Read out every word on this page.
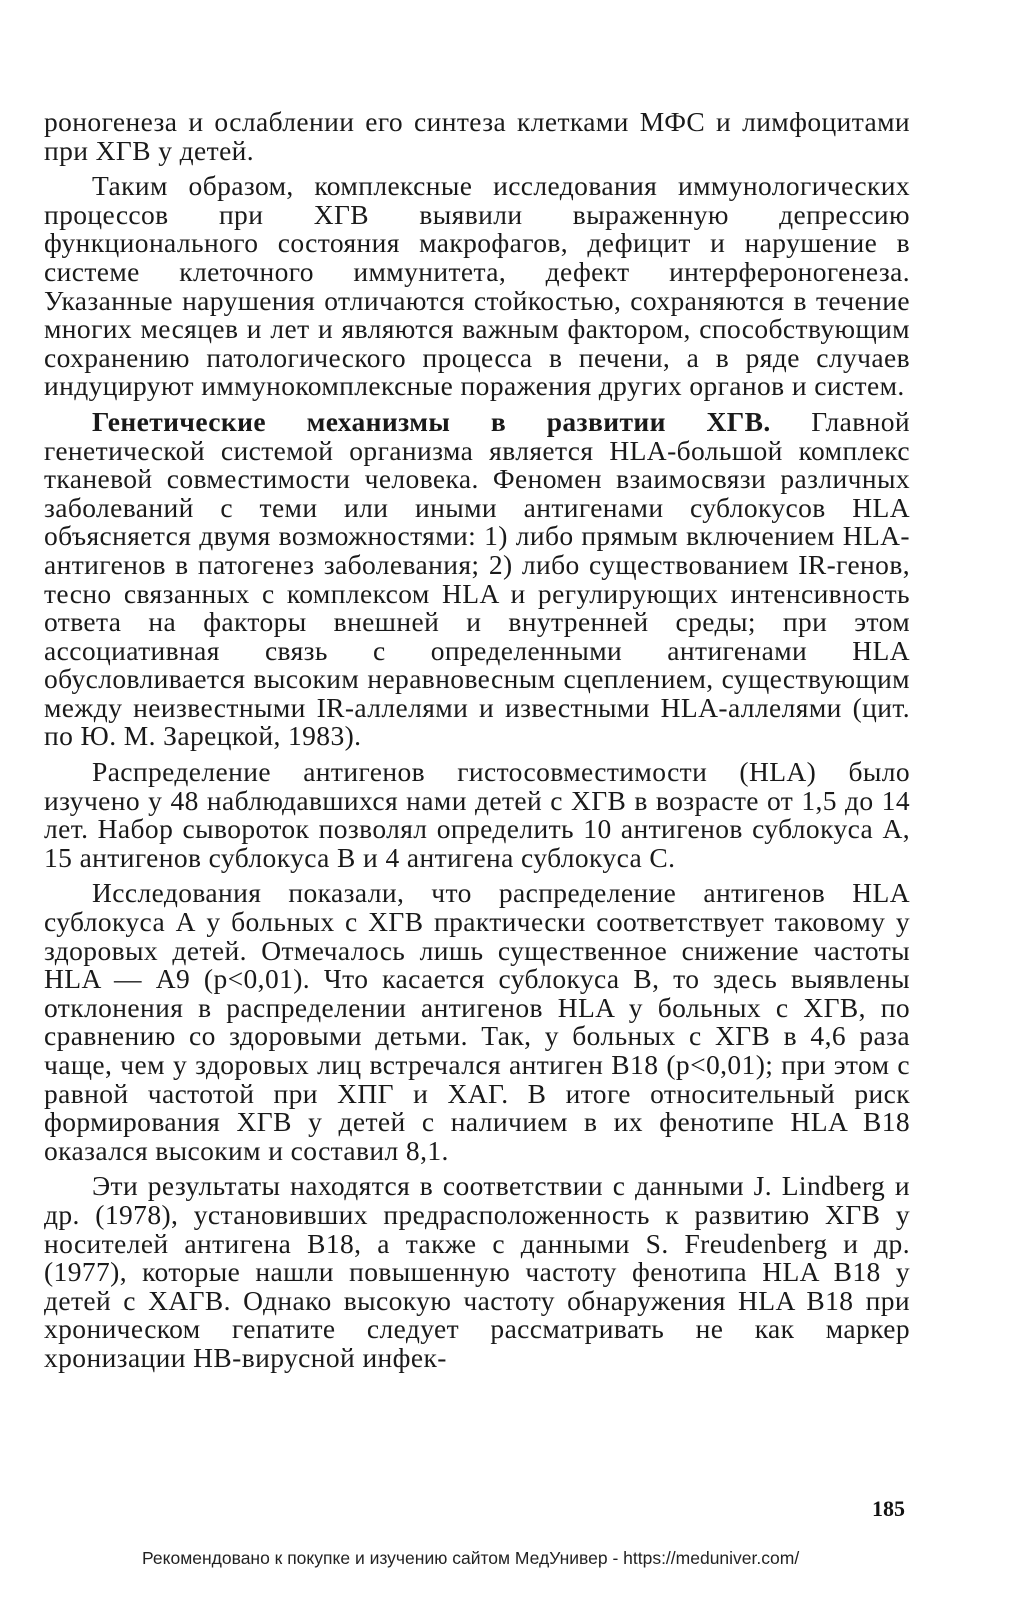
роногенеза и ослаблении его синтеза клетками МФС и лимфоцитами при ХГВ у детей.

Таким образом, комплексные исследования иммунологических процессов при ХГВ выявили выраженную депрессию функционального состояния макрофагов, дефицит и нарушение в системе клеточного иммунитета, дефект интерфероногенеза. Указанные нарушения отличаются стойкостью, сохраняются в течение многих месяцев и лет и являются важным фактором, способствующим сохранению патологического процесса в печени, а в ряде случаев индуцируют иммунокомплексные поражения других органов и систем.

Генетические механизмы в развитии ХГВ. Главной генетической системой организма является HLA-большой комплекс тканевой совместимости человека. Феномен взаимосвязи различных заболеваний с теми или иными антигенами сублокусов HLA объясняется двумя возможностями: 1) либо прямым включением HLA-антигенов в патогенез заболевания; 2) либо существованием IR-генов, тесно связанных с комплексом HLA и регулирующих интенсивность ответа на факторы внешней и внутренней среды; при этом ассоциативная связь с определенными антигенами HLA обусловливается высоким неравновесным сцеплением, существующим между неизвестными IR-аллелями и известными HLA-аллелями (цит. по Ю. М. Зарецкой, 1983).

Распределение антигенов гистосовместимости (HLA) было изучено у 48 наблюдавшихся нами детей с ХГВ в возрасте от 1,5 до 14 лет. Набор сывороток позволял определить 10 антигенов сублокуса А, 15 антигенов сублокуса В и 4 антигена сублокуса С.

Исследования показали, что распределение антигенов HLA сублокуса А у больных с ХГВ практически соответствует таковому у здоровых детей. Отмечалось лишь существенное снижение частоты HLA — А9 (p<0,01). Что касается сублокуса В, то здесь выявлены отклонения в распределении антигенов HLA у больных с ХГВ, по сравнению со здоровыми детьми. Так, у больных с ХГВ в 4,6 раза чаще, чем у здоровых лиц встречался антиген В18 (p<0,01); при этом с равной частотой при ХПГ и ХАГ. В итоге относительный риск формирования ХГВ у детей с наличием в их фенотипе HLA В18 оказался высоким и составил 8,1.

Эти результаты находятся в соответствии с данными J. Lindberg и др. (1978), установивших предрасположенность к развитию ХГВ у носителей антигена В18, а также с данными S. Freudenberg и др. (1977), которые нашли повышенную частоту фенотипа HLA В18 у детей с ХАГВ. Однако высокую частоту обнаружения HLA В18 при хроническом гепатите следует рассматривать не как маркер хронизации HB-вирусной инфек-

185
Рекомендовано к покупке и изучению сайтом МедУнивер - https://meduniver.com/
